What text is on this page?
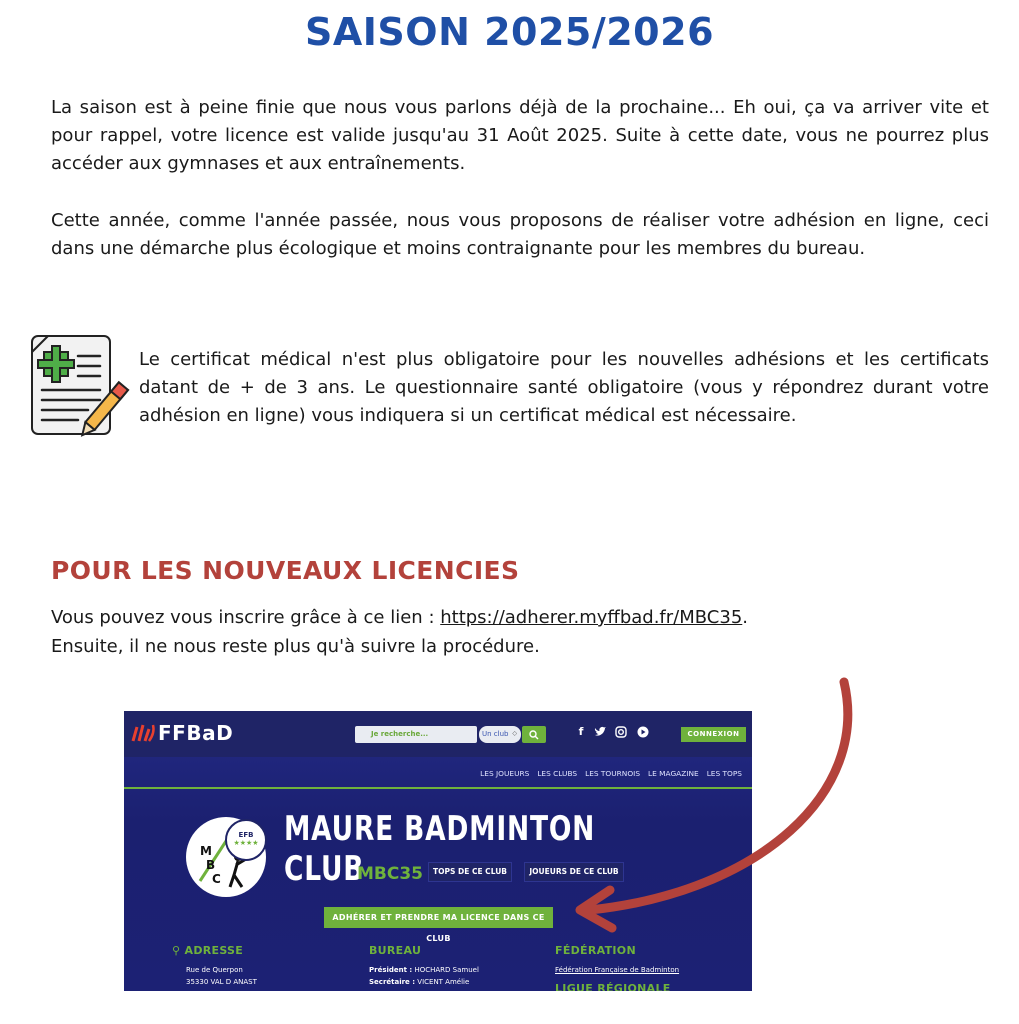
SAISON 2025/2026

La saison est à peine finie que nous vous parlons déjà de la prochaine... Eh oui, ça va arriver vite et pour rappel, votre licence est valide jusqu'au 31 Août 2025. Suite à cette date, vous ne pourrez plus accéder aux gymnases et aux entraînements.

Cette année, comme l'année passée, nous vous proposons de réaliser votre adhésion en ligne, ceci dans une démarche plus écologique et moins contraignante pour les membres du bureau.

Le certificat médical n'est plus obligatoire pour les nouvelles adhésions et les certificats datant de + de 3 ans. Le questionnaire santé obligatoire (vous y répondrez durant votre adhésion en ligne) vous indiquera si un certificat médical est nécessaire.

POUR LES NOUVEAUX LICENCIES
Vous pouvez vous inscrire grâce à ce lien : https://adherer.myffbad.fr/MBC35.
Ensuite, il ne nous reste plus qu'à suivre la procédure.
FFBaD	Je recherche...	Un club ◇	f	CONNEXION
LES JOUEURS LES CLUBS LES TOURNOIS LE MAGAZINE LES TOPS
M
B
C
EFB
★★★★ MAURE BADMINTON CLUB
MBC35	TOPS DE CE CLUB	JOUEURS DE CE CLUB
ADHÉRER ET PRENDRE MA LICENCE DANS CE CLUB
⚲ ADRESSE
Rue de Querpon
35330 VAL D ANAST
BUREAU
Président : HOCHARD Samuel
Secrétaire : VICENT Amélie
FÉDÉRATION
Fédération Française de Badminton
LIGUE RÉGIONALE
